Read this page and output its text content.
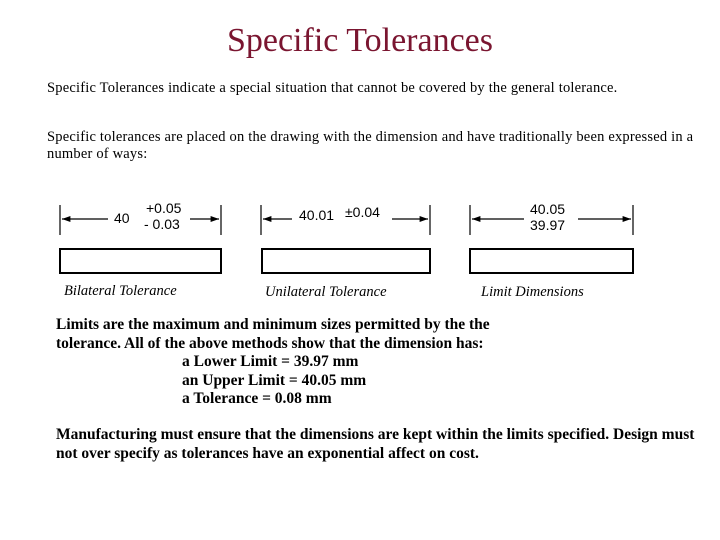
Specific Tolerances
Specific Tolerances indicate a special situation that cannot be covered by the general tolerance.
Specific tolerances are placed on the drawing with the dimension and have traditionally been expressed in a number of ways:
40
+0.05
- 0.03
Bilateral Tolerance
40.01 ±0.04
Unilateral Tolerance
40.05
39.97
Limit Dimensions
Limits are the maximum and minimum sizes permitted by the the
tolerance. All of the above methods show that the dimension has:
a Lower Limit = 39.97 mm
an Upper Limit = 40.05 mm
a Tolerance = 0.08 mm
Manufacturing must ensure that the dimensions are kept within the limits specified. Design must not over specify as tolerances have an exponential affect on cost.
